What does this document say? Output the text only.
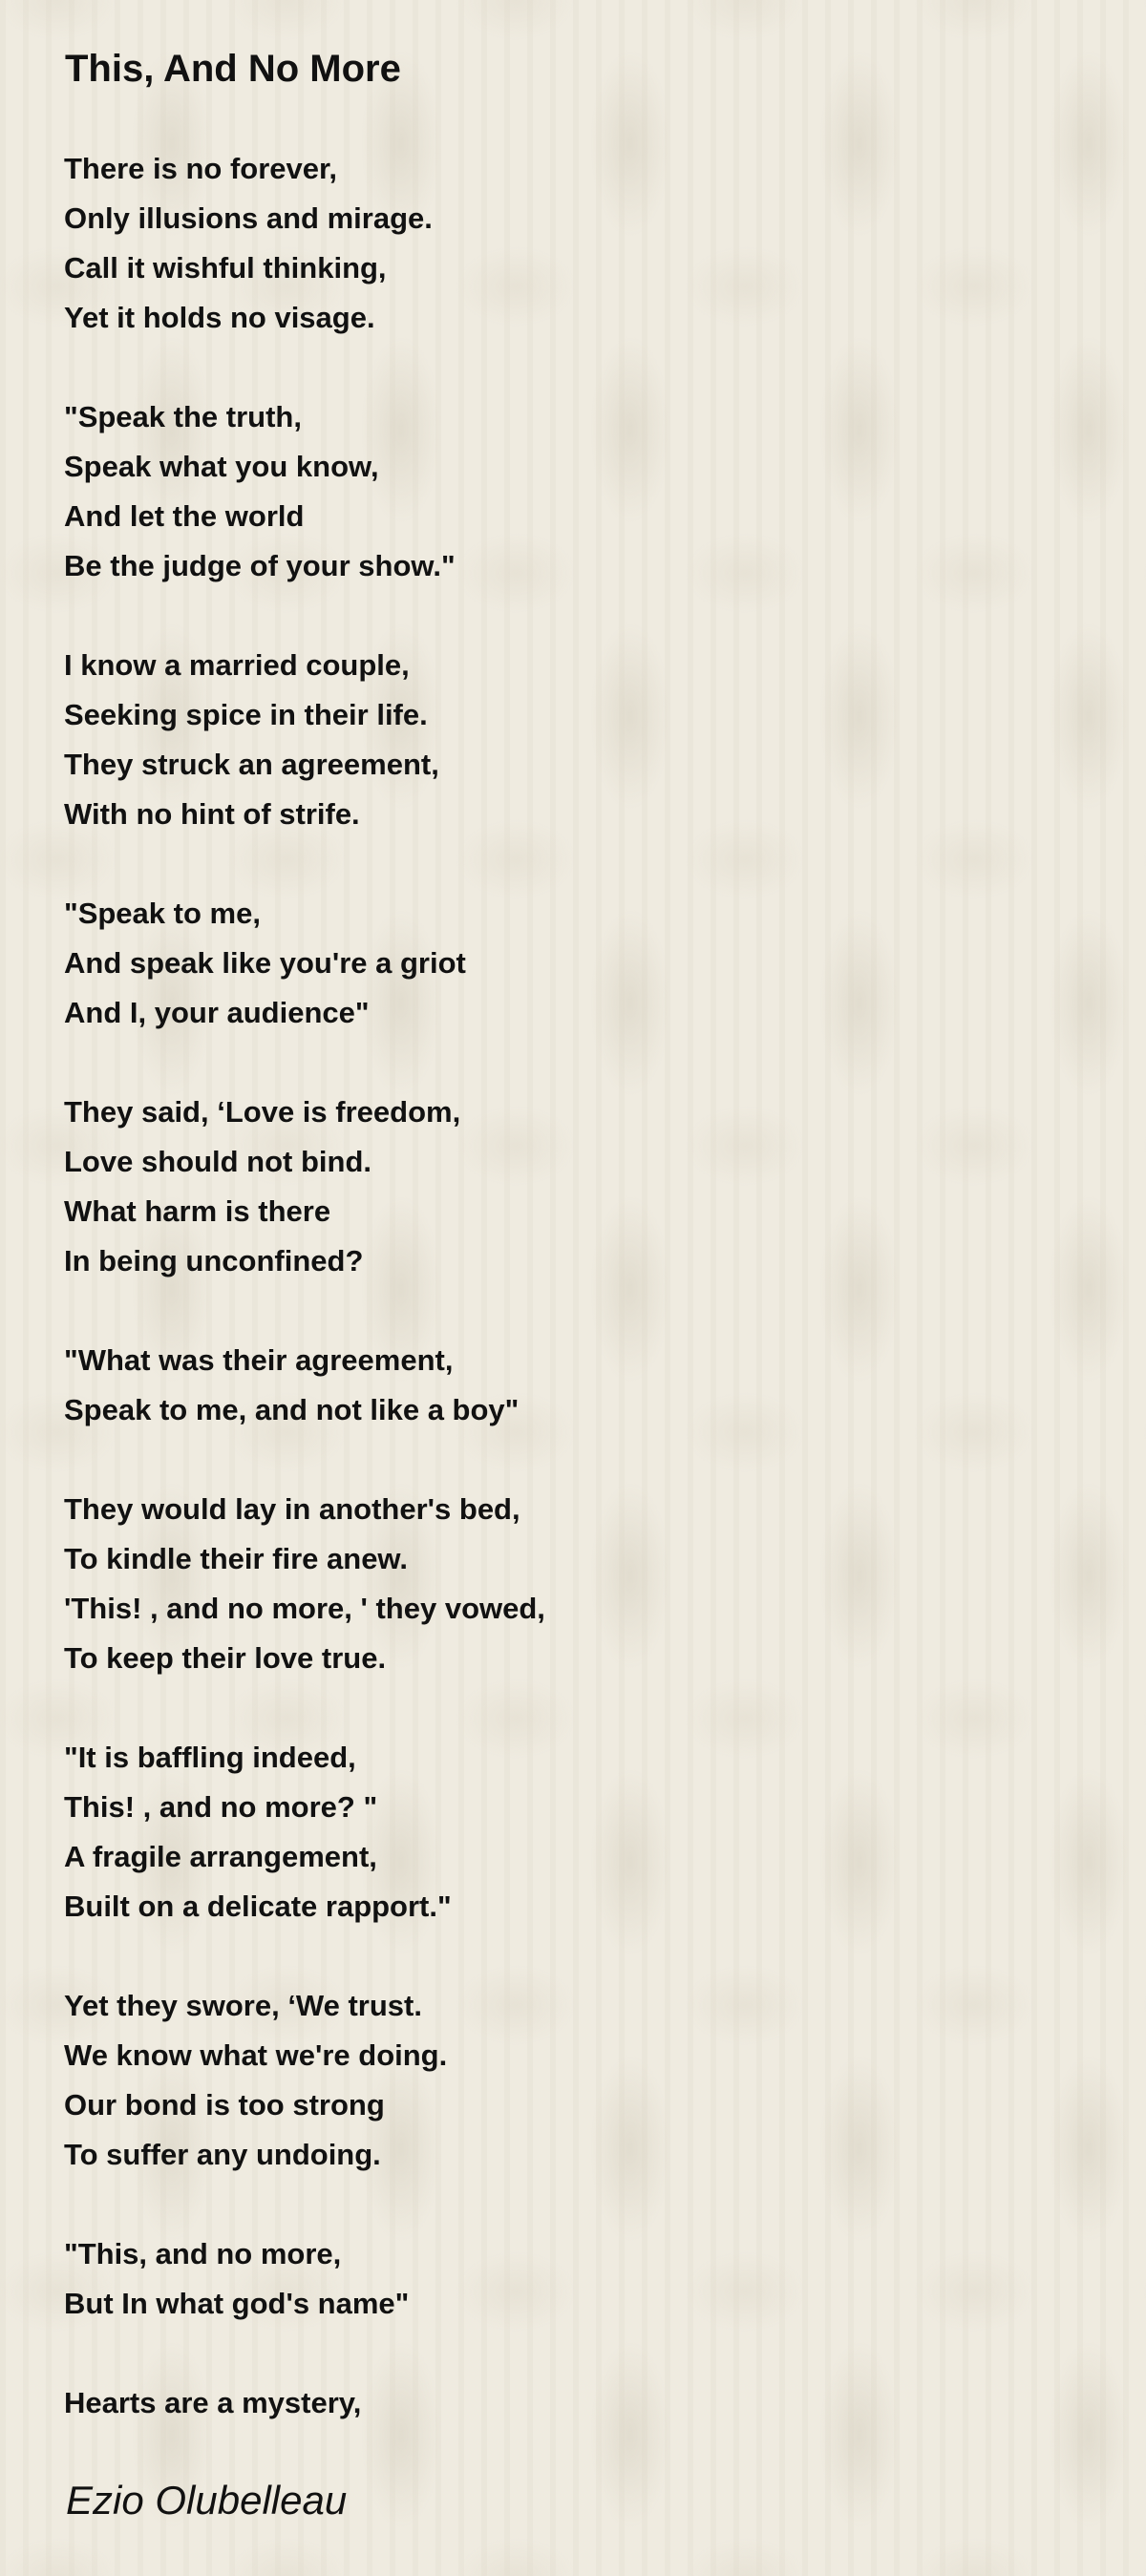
This, And No More
There is no forever,
Only illusions and mirage.
Call it wishful thinking,
Yet it holds no visage.
"Speak the truth,
Speak what you know,
And let the world
Be the judge of your show."
I know a married couple,
Seeking spice in their life.
They struck an agreement,
With no hint of strife.
"Speak to me,
And speak like you're a griot
And I, your audience"
They said, ‘Love is freedom,
Love should not bind.
What harm is there
In being unconfined?
"What was their agreement,
Speak to me, and not like a boy"
They would lay in another's bed,
To kindle their fire anew.
'This! , and no more, ' they vowed,
To keep their love true.
"It is baffling indeed,
This! , and no more? "
A fragile arrangement,
Built on a delicate rapport."
Yet they swore, ‘We trust.
We know what we're doing.
Our bond is too strong
To suffer any undoing.
"This, and no more,
But In what god's name"
Hearts are a mystery,

Ezio Olubelleau
